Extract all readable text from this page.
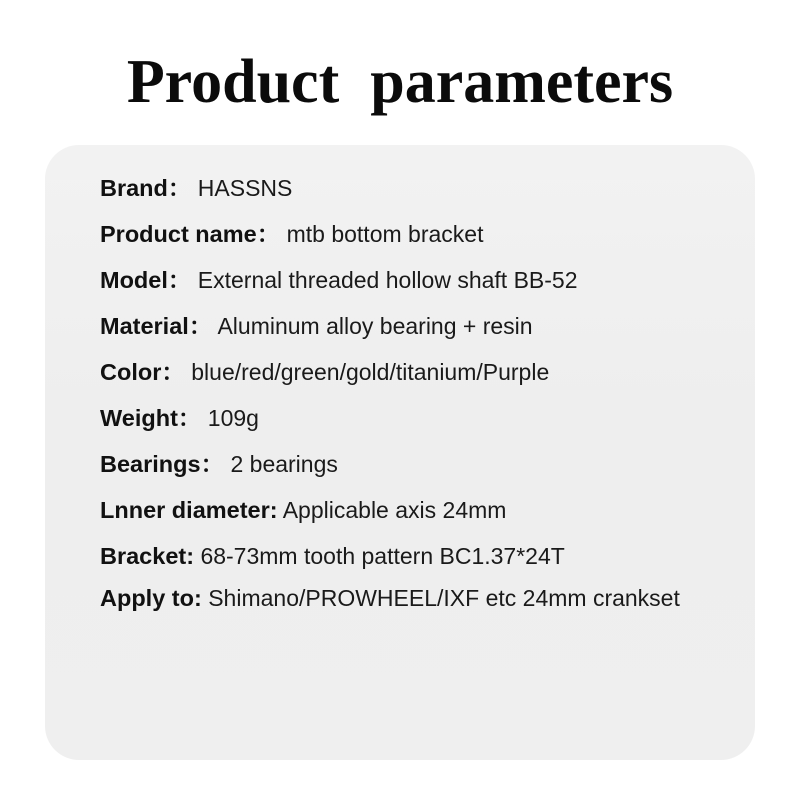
Product  parameters
Brand： HASSNS
Product name： mtb bottom bracket
Model： External threaded hollow shaft BB-52
Material： Aluminum alloy bearing + resin
Color： blue/red/green/gold/titanium/Purple
Weight： 109g
Bearings： 2 bearings
Lnner diameter: Applicable axis 24mm
Bracket: 68-73mm tooth pattern BC1.37*24T
Apply to: Shimano/PROWHEEL/IXF etc 24mm crankset
